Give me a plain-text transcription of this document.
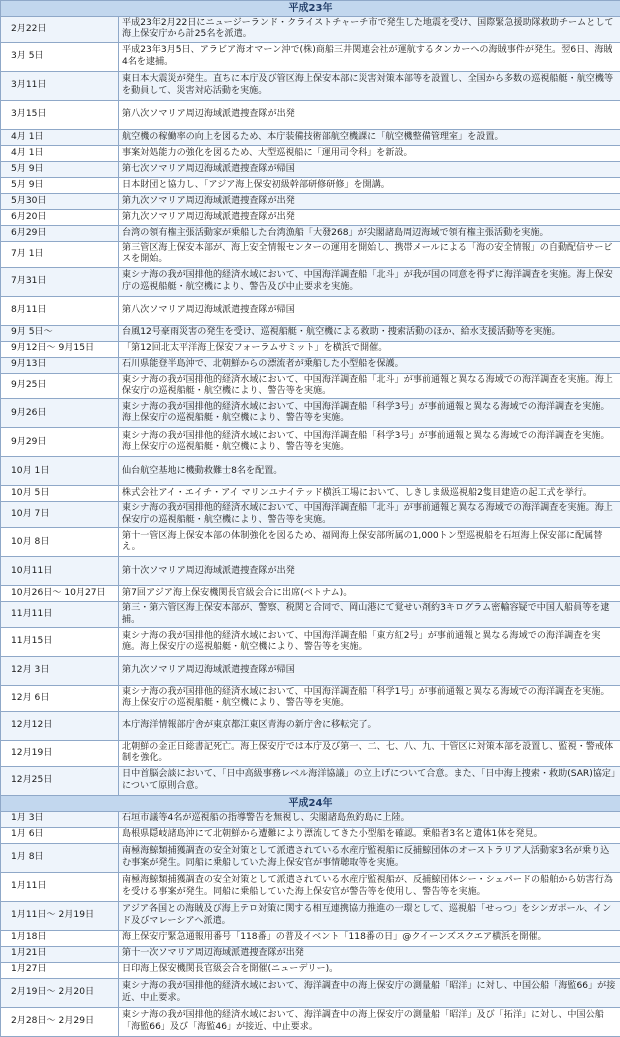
平成23年	
2月22日	平成23年2月22日にニュージーランド・クライストチャーチ市で発生した地震を受け、国際緊急援助隊救助チームとして海上保安庁から計25名を派遣。
3月 5日	平成23年3月5日、アラビア海オマーン沖で(株)商船三井関連会社が運航するタンカーへの海賊事件が発生。翌6日、海賊4名を逮捕。
3月11日	東日本大震災が発生。直ちに本庁及び管区海上保安本部に災害対策本部等を設置し、全国から多数の巡視船艇・航空機等を動員して、災害対応活動を実施。
3月15日	第八次ソマリア周辺海域派遣捜査隊が出発
4月 1日	航空機の稼働率の向上を図るため、本庁装備技術部航空機課に「航空機整備管理室」を設置。
4月 1日	事案対処能力の強化を図るため、大型巡視船に「運用司令科」を新設。
5月 9日	第七次ソマリア周辺海域派遣捜査隊が帰国
5月 9日	日本財団と協力し、「アジア海上保安初級幹部研修研修」を開講。
5月30日	第九次ソマリア周辺海域派遣捜査隊が出発
6月20日	第九次ソマリア周辺海域派遣捜査隊が出発
6月29日	台湾の領有権主張活動家が乗船した台湾漁船「大發268」が尖閣諸島周辺海域で領有権主張活動を実施。
7月 1日	第三管区海上保安本部が、海上安全情報センターの運用を開始し、携帯メールによる「海の安全情報」の自動配信サービスを開始。
7月31日	東シナ海の我が国排他的経済水域において、中国海洋調査船「北斗」が我が国の同意を得ずに海洋調査を実施。海上保安庁の巡視船艇・航空機により、警告及び中止要求を実施。
8月11日	第八次ソマリア周辺海域派遣捜査隊が帰国
9月 5日～	台風12号豪雨災害の発生を受け、巡視船艇・航空機による救助・捜索活動のほか、給水支援活動等を実施。
9月12日～ 9月15日	「第12回北太平洋海上保安フォーラムサミット」を横浜で開催。
9月13日	石川県能登半島沖で、北朝鮮からの漂流者が乗船した小型船を保護。
9月25日	東シナ海の我が国排他的経済水域において、中国海洋調査船「北斗」が事前通報と異なる海域での海洋調査を実施。海上保安庁の巡視船艇・航空機により、警告等を実施。
9月26日	東シナ海の我が国排他的経済水域において、中国海洋調査船「科学3号」が事前通報と異なる海域での海洋調査を実施。海上保安庁の巡視船艇・航空機により、警告等を実施。
9月29日	東シナ海の我が国排他的経済水域において、中国海洋調査船「科学3号」が事前通報と異なる海域での海洋調査を実施。海上保安庁の巡視船艇・航空機により、警告等を実施。
10月 1日	仙台航空基地に機動救難士8名を配置。
10月 5日	株式会社アイ・エイチ・アイ マリンユナイテッド横浜工場において、しきしま級巡視船2隻目建造の起工式を挙行。
10月 7日	東シナ海の我が国排他的経済水域において、中国海洋調査船「北斗」が事前通報と異なる海域での海洋調査を実施。海上保安庁の巡視船艇・航空機により、警告等を実施。
10月 8日	第十一管区海上保安本部の体制強化を図るため、福岡海上保安部所属の1,000トン型巡視船を石垣海上保安部に配属替え。
10月11日	第十次ソマリア周辺海域派遣捜査隊が出発
10月26日～ 10月27日	第7回アジア海上保安機関長官級会合に出席(ベトナム)。
11月11日	第三・第六管区海上保安本部が、警察、税関と合同で、岡山港にて覚せい剤約3キログラム密輸容疑で中国人船員等を逮捕。
11月15日	東シナ海の我が国排他的経済水域において、中国海洋調査船「東方紅2号」が事前通報と異なる海域での海洋調査を実施。海上保安庁の巡視船艇・航空機により、警告等を実施。
12月 3日	第九次ソマリア周辺海域派遣捜査隊が帰国
12月 6日	東シナ海の我が国排他的経済水域において、中国海洋調査船「科学1号」が事前通報と異なる海域での海洋調査を実施。海上保安庁の巡視船艇・航空機により、警告等を実施。
12月12日	本庁海洋情報部庁舎が東京都江東区青海の新庁舎に移転完了。
12月19日	北朝鮮の金正日総書記死亡。海上保安庁では本庁及び第一、二、七、八、九、十管区に対策本部を設置し、監視・警戒体制を強化。
12月25日	日中首脳会談において、「日中高級事務レベル海洋協議」の立上げについて合意。また、「日中海上捜索・救助(SAR)協定」について原則合意。
平成24年	
1月 3日	石垣市議等4名が巡視船の指導警告を無視し、尖閣諸島魚釣島に上陸。
1月 6日	島根県隠岐諸島沖にて北朝鮮から遭難により漂流してきた小型船を確認。乗船者3名と遺体1体を発見。
1月 8日	南極海鯨類捕獲調査の安全対策として派遣されている水産庁監視船に反捕鯨団体のオーストラリア人活動家3名が乗り込む事案が発生。同船に乗船していた海上保安官が事情聴取等を実施。
1月11日	南極海鯨類捕獲調査の安全対策として派遣されている水産庁監視船が、反捕鯨団体シー・シェパードの船舶から妨害行為を受ける事案が発生。同船に乗船していた海上保安官が警告等を使用し、警告等を実施。
1月11日～ 2月19日	アジア各国との海賊及び海上テロ対策に関する相互連携協力推進の一環として、巡視船「せっつ」をシンガポール、インド及びマレーシアへ派遣。
1月18日	海上保安庁緊急通報用番号「118番」の普及イベント「118番の日」@クイーンズスクエア横浜を開催。
1月21日	第十一次ソマリア周辺海域派遣捜査隊が出発
1月27日	日印海上保安機関長官級会合を開催(ニューデリー)。
2月19日～ 2月20日	東シナ海の我が国排他的経済水域において、海洋調査中の海上保安庁の測量船「昭洋」に対し、中国公船「海監66」が接近、中止要求。
2月28日～ 2月29日	東シナ海の我が国排他的経済水域において、海洋調査中の海上保安庁の測量船「昭洋」及び「拓洋」に対し、中国公船「海監66」及び「海監46」が接近、中止要求。
